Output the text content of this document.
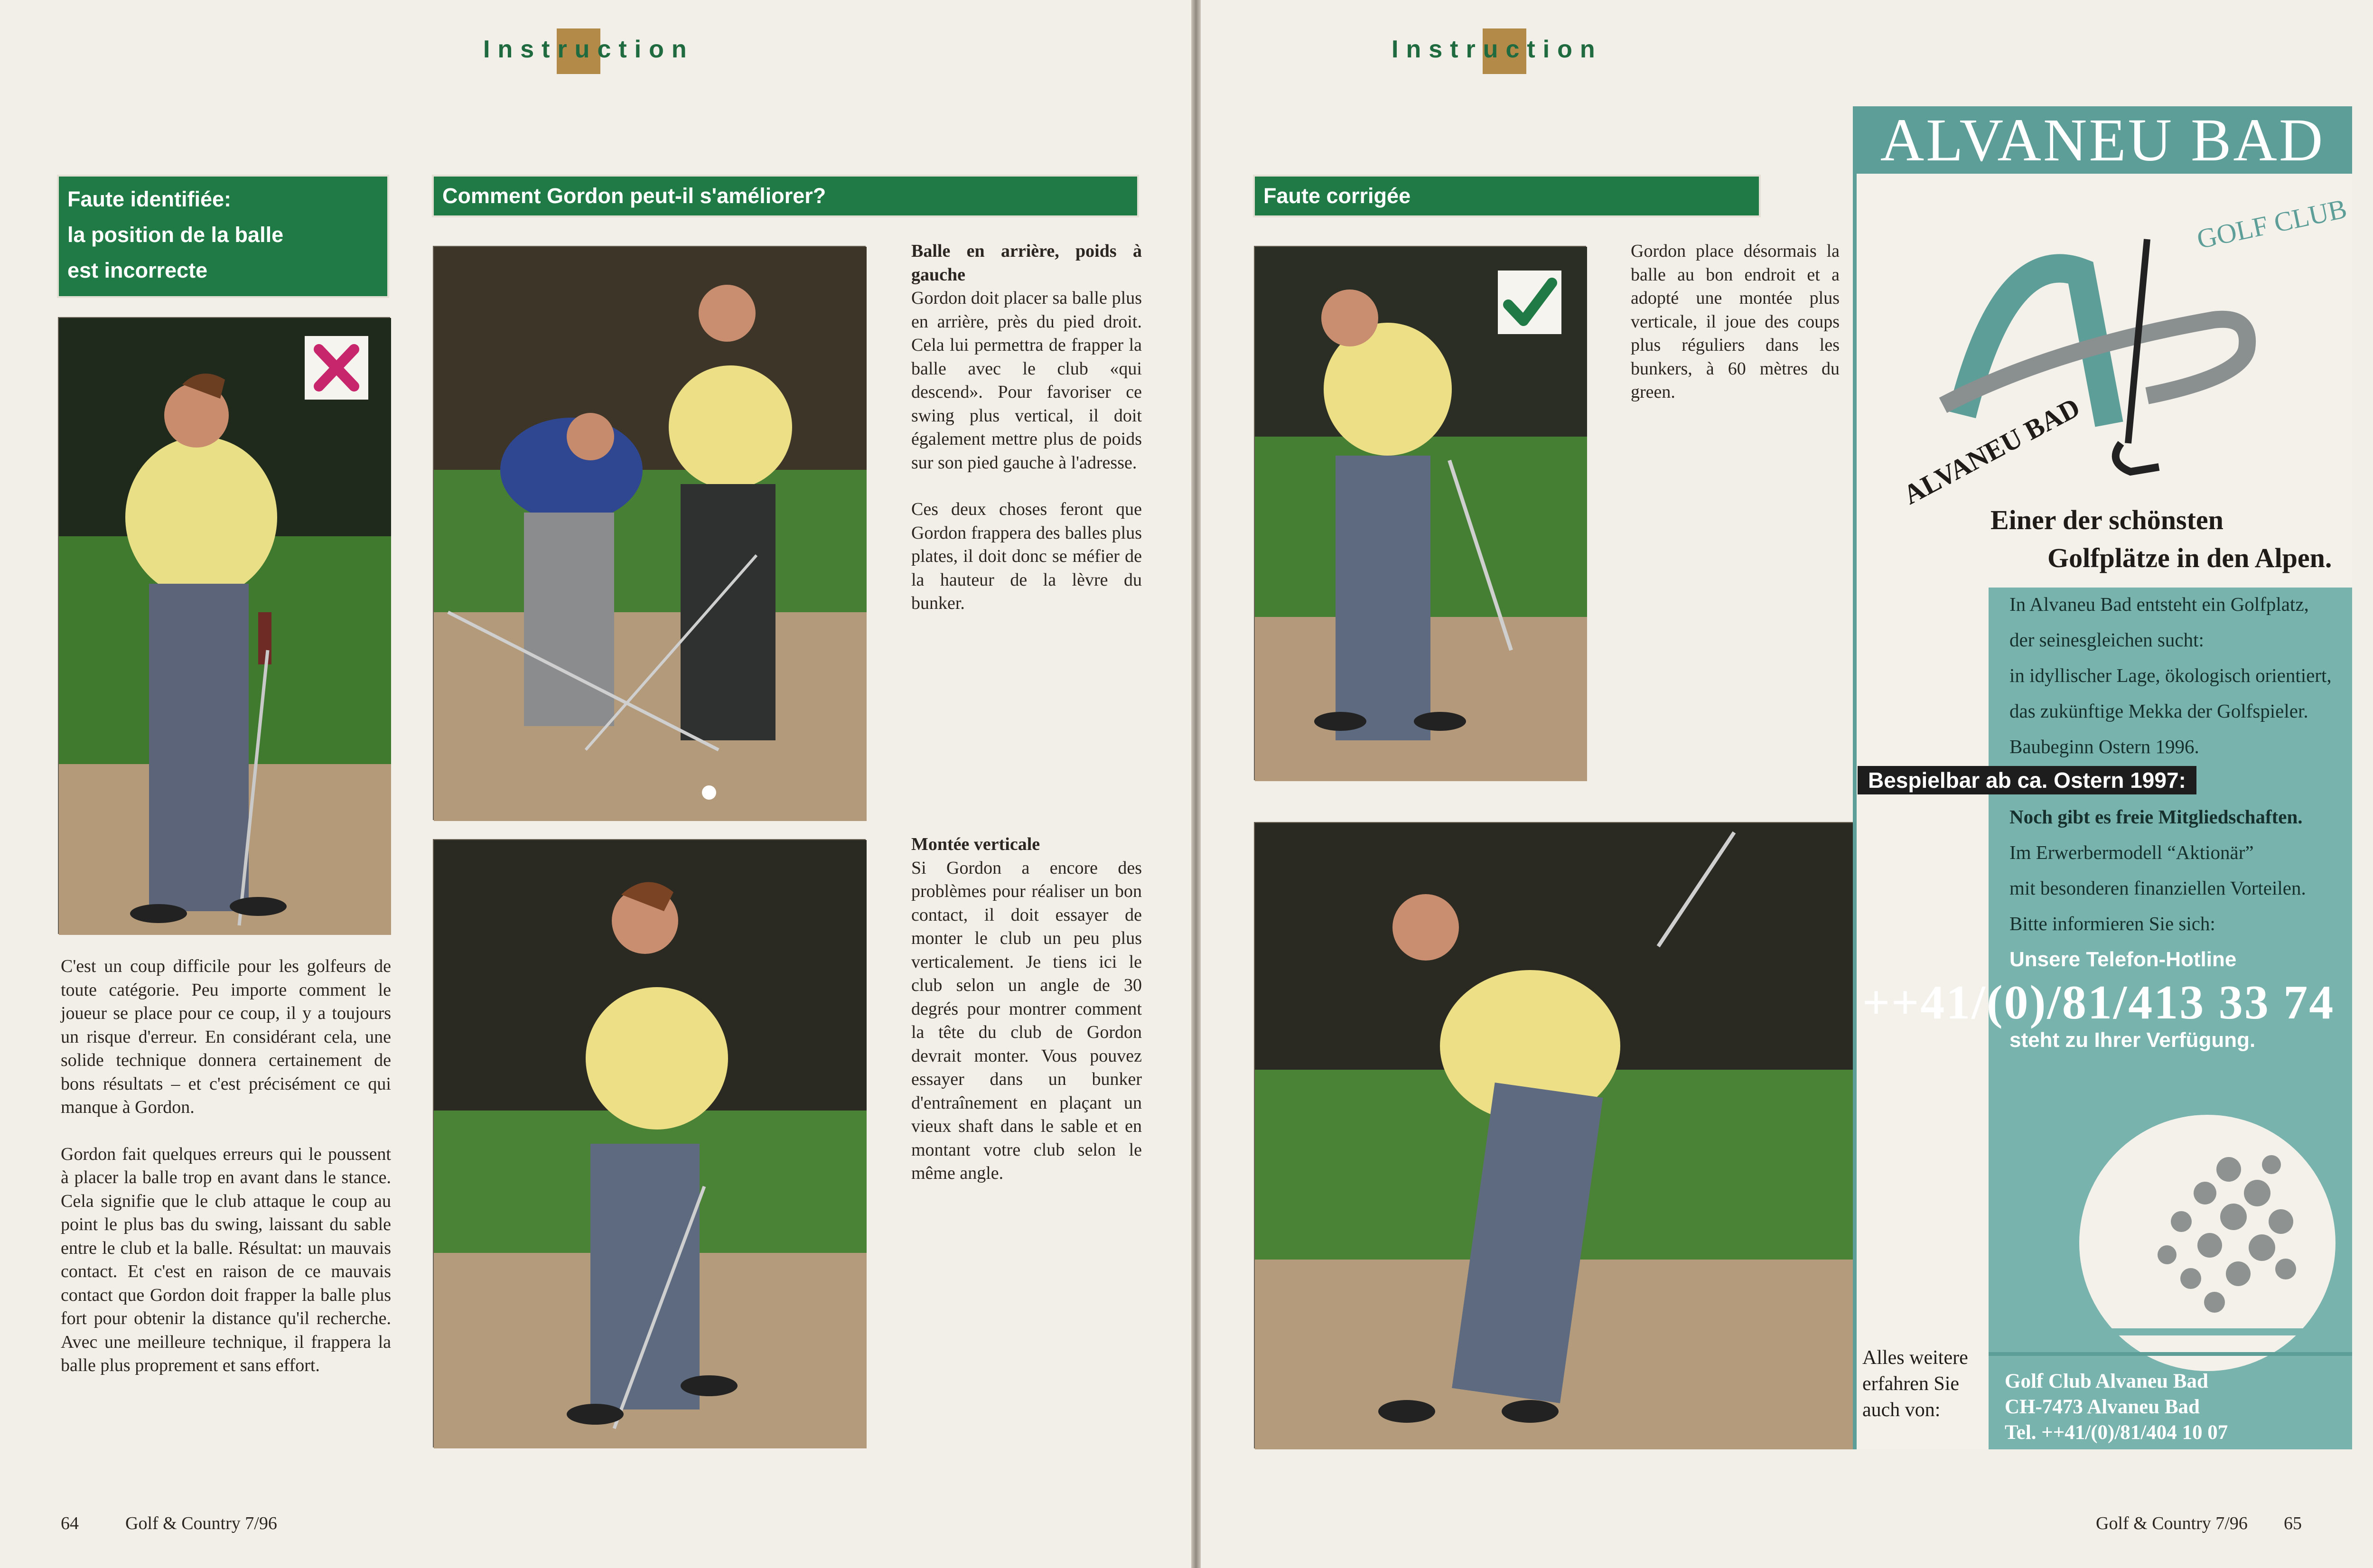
Instruction
Faute identifiée:
la position de la balle
est incorrecte
Comment Gordon peut-il s'améliorer?

C'est un coup difficile pour les golfeurs de toute catégorie. Peu importe comment le joueur se place pour ce coup, il y a toujours un risque d'erreur. En considérant cela, une solide technique donnera certainement de bons résultats – et c'est précisément ce qui manque à Gordon.

Gordon fait quelques erreurs qui le poussent à placer la balle trop en avant dans le stance. Cela signifie que le club attaque le coup au point le plus bas du swing, laissant du sable entre le club et la balle. Résultat: un mauvais contact. Et c'est en raison de ce mauvais contact que Gordon doit frapper la balle plus fort pour obtenir la distance qu'il recherche. Avec une meilleure technique, il frappera la balle plus proprement et sans effort.

Balle en arrière, poids à gauche

Gordon doit placer sa balle plus en arrière, près du pied droit. Cela lui permettra de frapper la balle avec le club «qui descend». Pour favoriser ce swing plus vertical, il doit également mettre plus de poids sur son pied gauche à l'adresse.

Ces deux choses feront que Gordon frappera des balles plus plates, il doit donc se méfier de la hauteur de la lèvre du bunker.

Montée verticale

Si Gordon a encore des problèmes pour réaliser un bon contact, il doit essayer de monter le club un peu plus verticalement. Je tiens ici le club selon un angle de 30 degrés pour montrer comment la tête du club de Gordon devrait monter. Vous pouvez essayer dans un bunker d'entraînement en plaçant un vieux shaft dans le sable et en montant votre club selon le même angle.

64	Golf & Country 7/96
Instruction
Faute corrigée

Gordon place désormais la balle au bon endroit et a adopté une montée plus verticale, il joue des coups plus réguliers dans les bunkers, à 60 mètres du green.

ALVANEU BAD
GOLF CLUB
ALVANEU BAD
Einer der schönsten
Golfplätze in den Alpen.
In Alvaneu Bad entsteht ein Golfplatz,
der seinesgleichen sucht:
in idyllischer Lage, ökologisch orientiert,
das zukünftige Mekka der Golfspieler.
Baubeginn Ostern 1996.
Bespielbar ab ca. Ostern 1997:
Noch gibt es freie Mitgliedschaften.
Im Erwerbermodell “Aktionär”
mit besonderen finanziellen Vorteilen.
Bitte informieren Sie sich:
Unsere Telefon-Hotline
++41/(0)/81/413 33 74
steht zu Ihrer Verfügung.
Alles weitere
erfahren Sie
auch von:
Golf Club Alvaneu Bad
CH-7473 Alvaneu Bad
Tel. ++41/(0)/81/404 10 07
Golf & Country 7/96 65
